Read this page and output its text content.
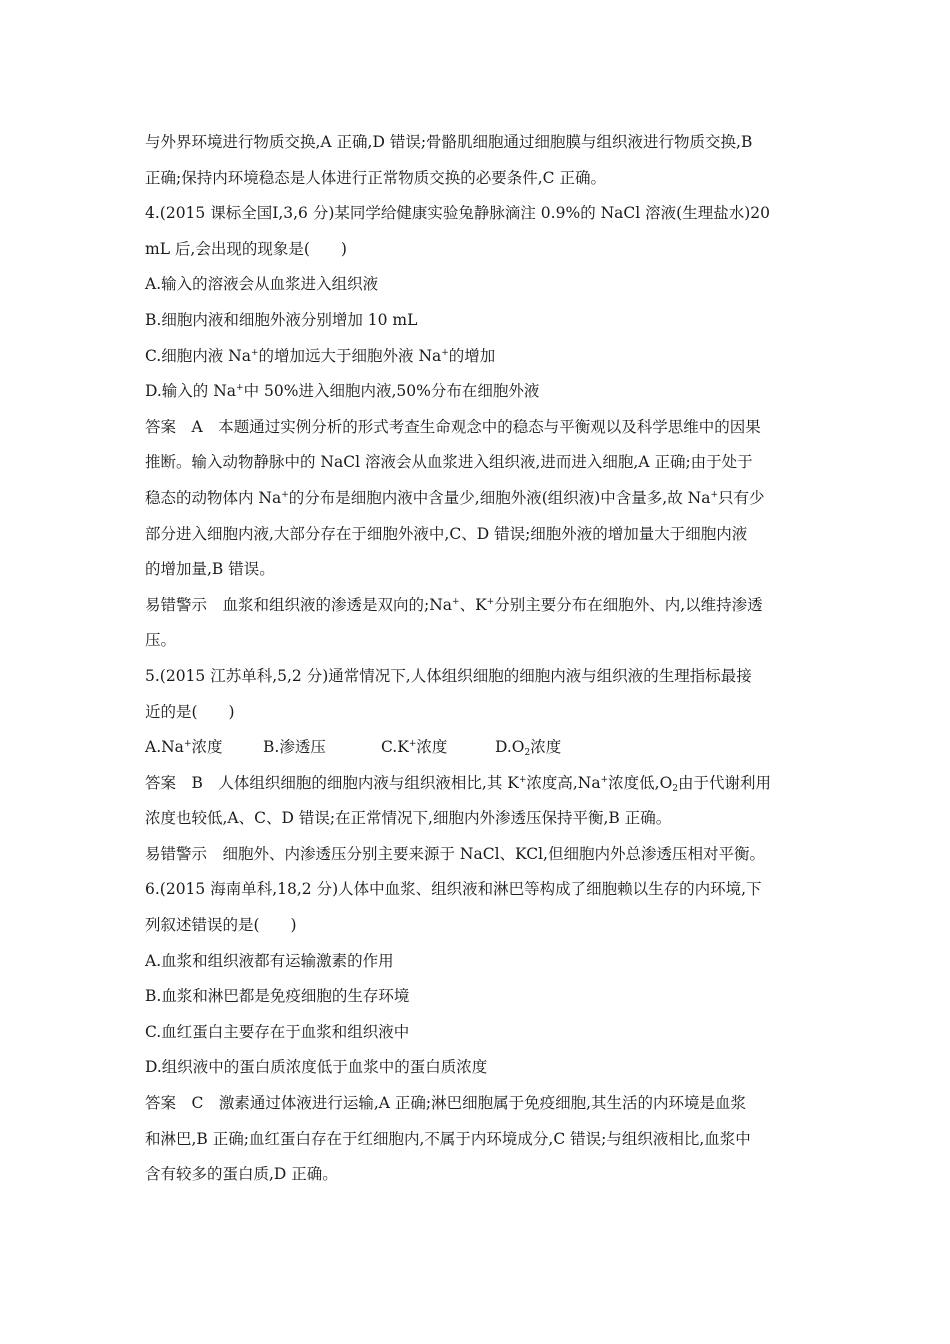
与外界环境进行物质交换,A 正确,D 错误;骨骼肌细胞通过细胞膜与组织液进行物质交换,B
正确;保持内环境稳态是人体进行正常物质交换的必要条件,C 正确。
4.(2015 课标全国Ⅰ,3,6 分)某同学给健康实验兔静脉滴注 0.9%的 NaCl 溶液(生理盐水)20
mL 后,会出现的现象是(　　)
A.输入的溶液会从血浆进入组织液
B.细胞内液和细胞外液分别增加 10 mL
C.细胞内液 Na+的增加远大于细胞外液 Na+的增加
D.输入的 Na+中 50%进入细胞内液,50%分布在细胞外液
答案　A　本题通过实例分析的形式考查生命观念中的稳态与平衡观以及科学思维中的因果
推断。输入动物静脉中的 NaCl 溶液会从血浆进入组织液,进而进入细胞,A 正确;由于处于
稳态的动物体内 Na+的分布是细胞内液中含量少,细胞外液(组织液)中含量多,故 Na+只有少
部分进入细胞内液,大部分存在于细胞外液中,C、D 错误;细胞外液的增加量大于细胞内液
的增加量,B 错误。
易错警示　血浆和组织液的渗透是双向的;Na+、K+分别主要分布在细胞外、内,以维持渗透
压。
5.(2015 江苏单科,5,2 分)通常情况下,人体组织细胞的细胞内液与组织液的生理指标最接
近的是(　　)
A.Na+浓度	B.渗透压	C.K+浓度	$D.O_2$浓度
答案　B　人体组织细胞的细胞内液与组织液相比,其 K+浓度高,Na+浓度低$,O_2$由于代谢利用
浓度也较低,A、C、D 错误;在正常情况下,细胞内外渗透压保持平衡,B 正确。
易错警示　细胞外、内渗透压分别主要来源于 NaCl、KCl,但细胞内外总渗透压相对平衡。
6.(2015 海南单科,18,2 分)人体中血浆、组织液和淋巴等构成了细胞赖以生存的内环境,下
列叙述错误的是(　　)
A.血浆和组织液都有运输激素的作用
B.血浆和淋巴都是免疫细胞的生存环境
C.血红蛋白主要存在于血浆和组织液中
D.组织液中的蛋白质浓度低于血浆中的蛋白质浓度
答案　C　激素通过体液进行运输,A 正确;淋巴细胞属于免疫细胞,其生活的内环境是血浆
和淋巴,B 正确;血红蛋白存在于红细胞内,不属于内环境成分,C 错误;与组织液相比,血浆中
含有较多的蛋白质,D 正确。
